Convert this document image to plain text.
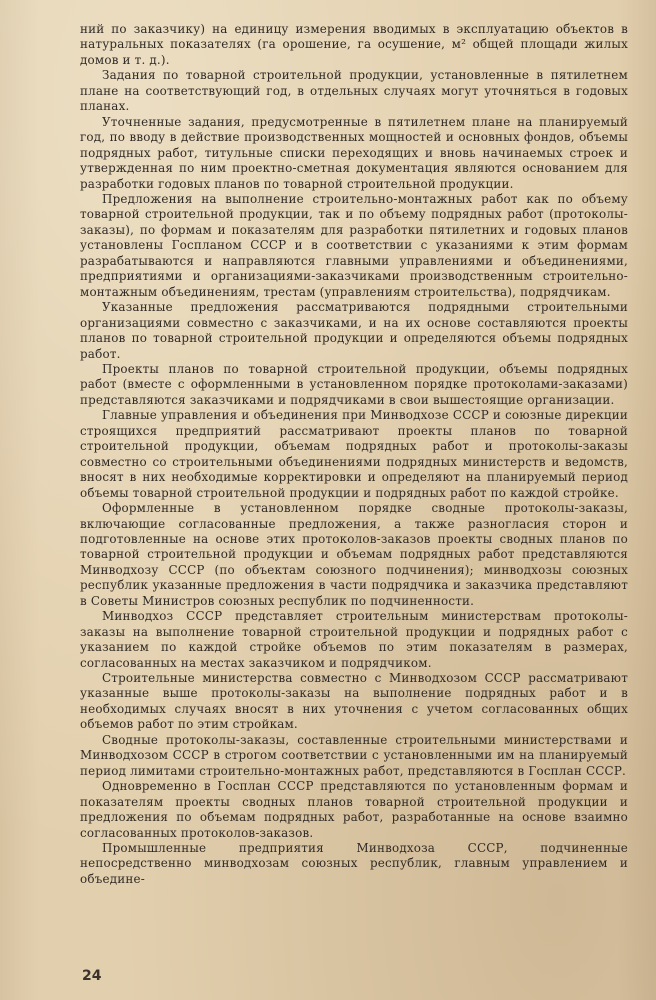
ний по заказчику) на единицу измерения вводимых в эксплуатацию объектов в натуральных показателях (га орошение, га осушение, м² общей площади жилых домов и т. д.).

Задания по товарной строительной продукции, установленные в пятилетнем плане на соответствующий год, в отдельных случаях могут уточняться в годовых планах.

Уточненные задания, предусмотренные в пятилетнем плане на планируемый год, по вводу в действие производственных мощностей и основных фондов, объемы подрядных работ, титульные списки переходящих и вновь начинаемых строек и утвержденная по ним проектно-сметная документация являются основанием для разработки годовых планов по товарной строительной продукции.

Предложения на выполнение строительно-монтажных работ как по объему товарной строительной продукции, так и по объему подрядных работ (протоколы-заказы), по формам и показателям для разработки пятилетних и годовых планов установлены Госпланом СССР и в соответствии с указаниями к этим формам разрабатываются и направляются главными управлениями и объединениями, предприятиями и организациями-заказчиками производственным строительно-монтажным объединениям, трестам (управлениям строительства), подрядчикам.

Указанные предложения рассматриваются подрядными строительными организациями совместно с заказчиками, и на их основе составляются проекты планов по товарной строительной продукции и определяются объемы подрядных работ.

Проекты планов по товарной строительной продукции, объемы подрядных работ (вместе с оформленными в установленном порядке протоколами-заказами) представляются заказчиками и подрядчиками в свои вышестоящие организации.

Главные управления и объединения при Минводхозе СССР и союзные дирекции строящихся предприятий рассматривают проекты планов по товарной строительной продукции, объемам подрядных работ и протоколы-заказы совместно со строительными объединениями подрядных министерств и ведомств, вносят в них необходимые корректировки и определяют на планируемый период объемы товарной строительной продукции и подрядных работ по каждой стройке.

Оформленные в установленном порядке сводные протоколы-заказы, включающие согласованные предложения, а также разногласия сторон и подготовленные на основе этих протоколов-заказов проекты сводных планов по товарной строительной продукции и объемам подрядных работ представляются Минводхозу СССР (по объектам союзного подчинения); минводхозы союзных республик указанные предложения в части подрядчика и заказчика представляют в Советы Министров союзных республик по подчиненности.

Минводхоз СССР представляет строительным министерствам протоколы-заказы на выполнение товарной строительной продукции и подрядных работ с указанием по каждой стройке объемов по этим показателям в размерах, согласованных на местах заказчиком и подрядчиком.

Строительные министерства совместно с Минводхозом СССР рассматривают указанные выше протоколы-заказы на выполнение подрядных работ и в необходимых случаях вносят в них уточнения с учетом согласованных общих объемов работ по этим стройкам.

Сводные протоколы-заказы, составленные строительными министерствами и Минводхозом СССР в строгом соответствии с установленными им на планируемый период лимитами строительно-монтажных работ, представляются в Госплан СССР.

Одновременно в Госплан СССР представляются по установленным формам и показателям проекты сводных планов товарной строительной продукции и предложения по объемам подрядных работ, разработанные на основе взаимно согласованных протоколов-заказов.

Промышленные предприятия Минводхоза СССР, подчиненные непосредственно минводхозам союзных республик, главным управлением и объедине-

24
